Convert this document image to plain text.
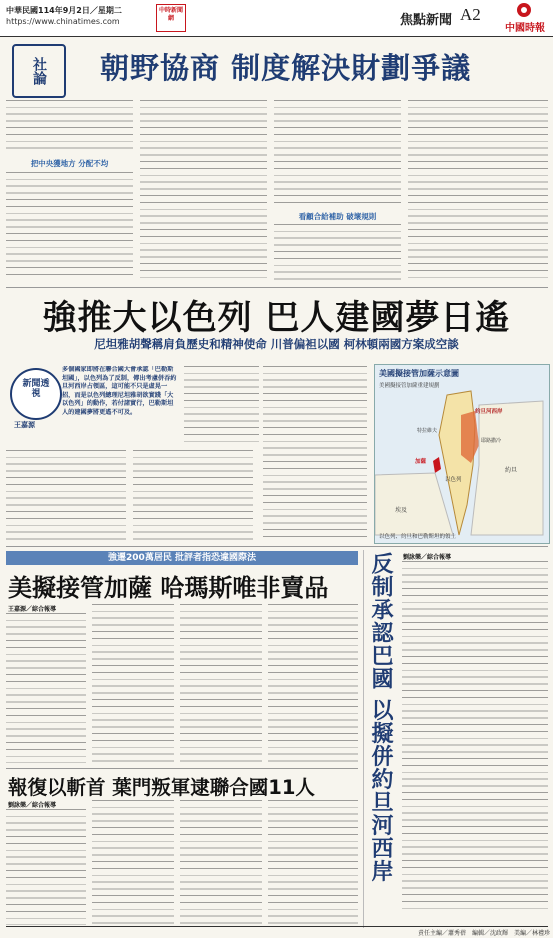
中華民國114年9月2日／星期二
https://www.chinatimes.com
中時新聞網	焦點新聞 A2
中國時報
社論 朝野協商 制度解決財劃爭議
把中央獲地方 分配不均
看顧合給補助 破壞規則
強推大以色列 巴人建國夢日遙
尼坦雅胡聲稱肩負歷史和精神使命 川普偏袒以國 柯林頓兩國方案成空談
新聞透視
王嘉源
多個國家即將在聯合國大會承認「巴勒斯坦國」，以色列為了反制，傳出考慮併吞約旦河西岸占領區，這可能不只是虛晃一招，而是以色列總理尼坦雅胡欲實踐「大以色列」的動作，若付諸實行，巴勒斯坦人的建國夢將更遙不可及。
美國擬接管加薩示意圖
美國擬接管加薩重建規劃
約旦河西岸
以色列
約旦
埃及
加薩
特拉維夫
耶路撒冷
以色列、約旦和巴勒斯坦的領土
強遷200萬居民 批評者指恐違國際法
美擬接管加薩 哈瑪斯唯非賣品
王嘉源／綜合報導
報復以斬首 葉門叛軍逮聯合國11人
劉詠樂／綜合報導	反制承認巴國 以擬併約旦河西岸	劉詠樂／綜合報導
責任主編／蕭秀蓓　編輯／沈政輝　美編／林禮珍
